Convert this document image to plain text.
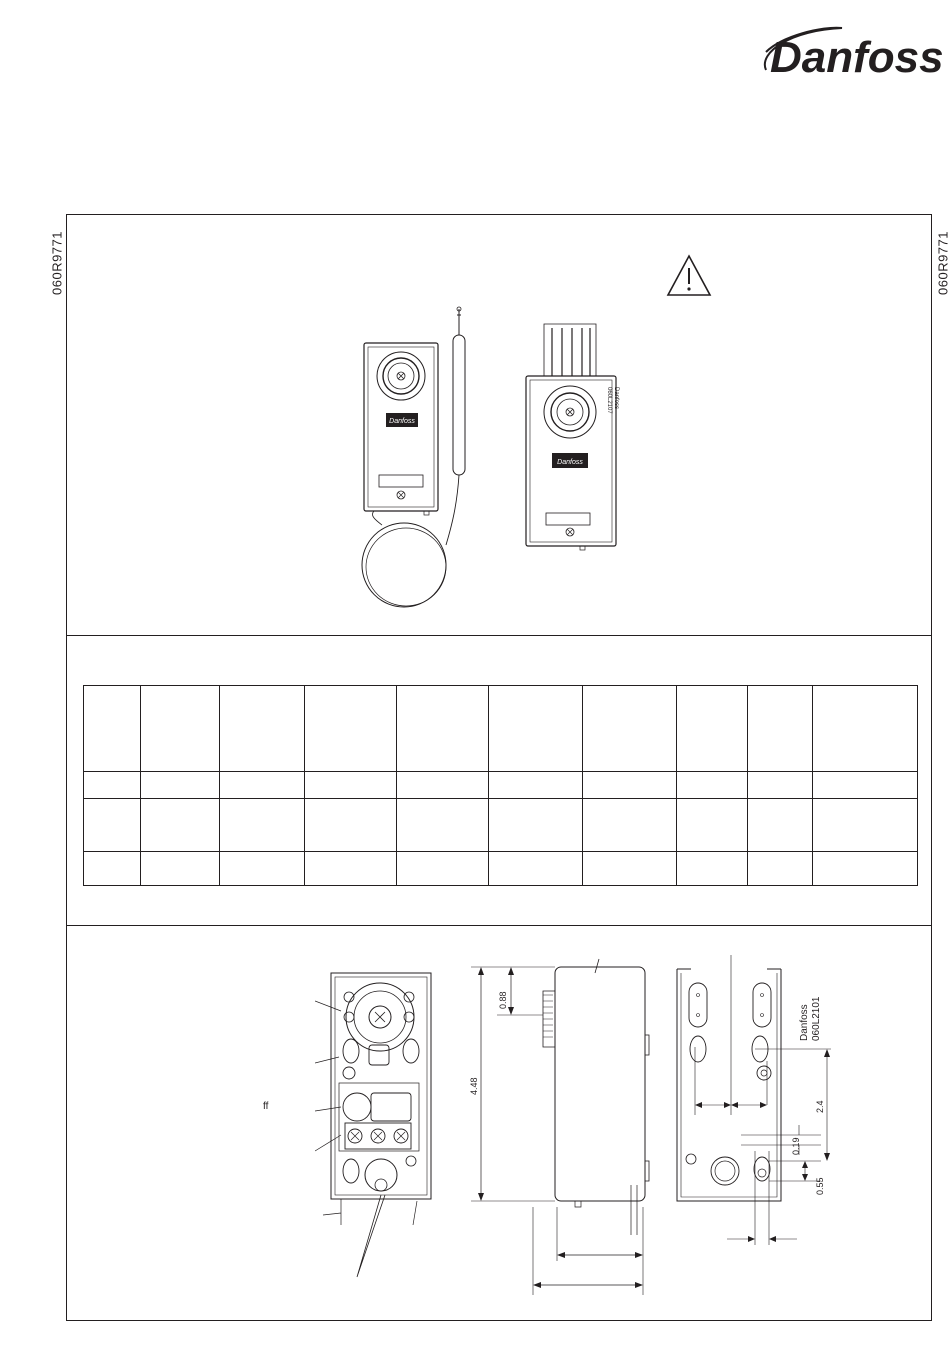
Danfoss
060R9771	060R9771
Danfoss
Danfoss
Danfoss
060L2107

ff
0.88
4.48
Danfoss 060L2101
2.4
0.19
0.55
